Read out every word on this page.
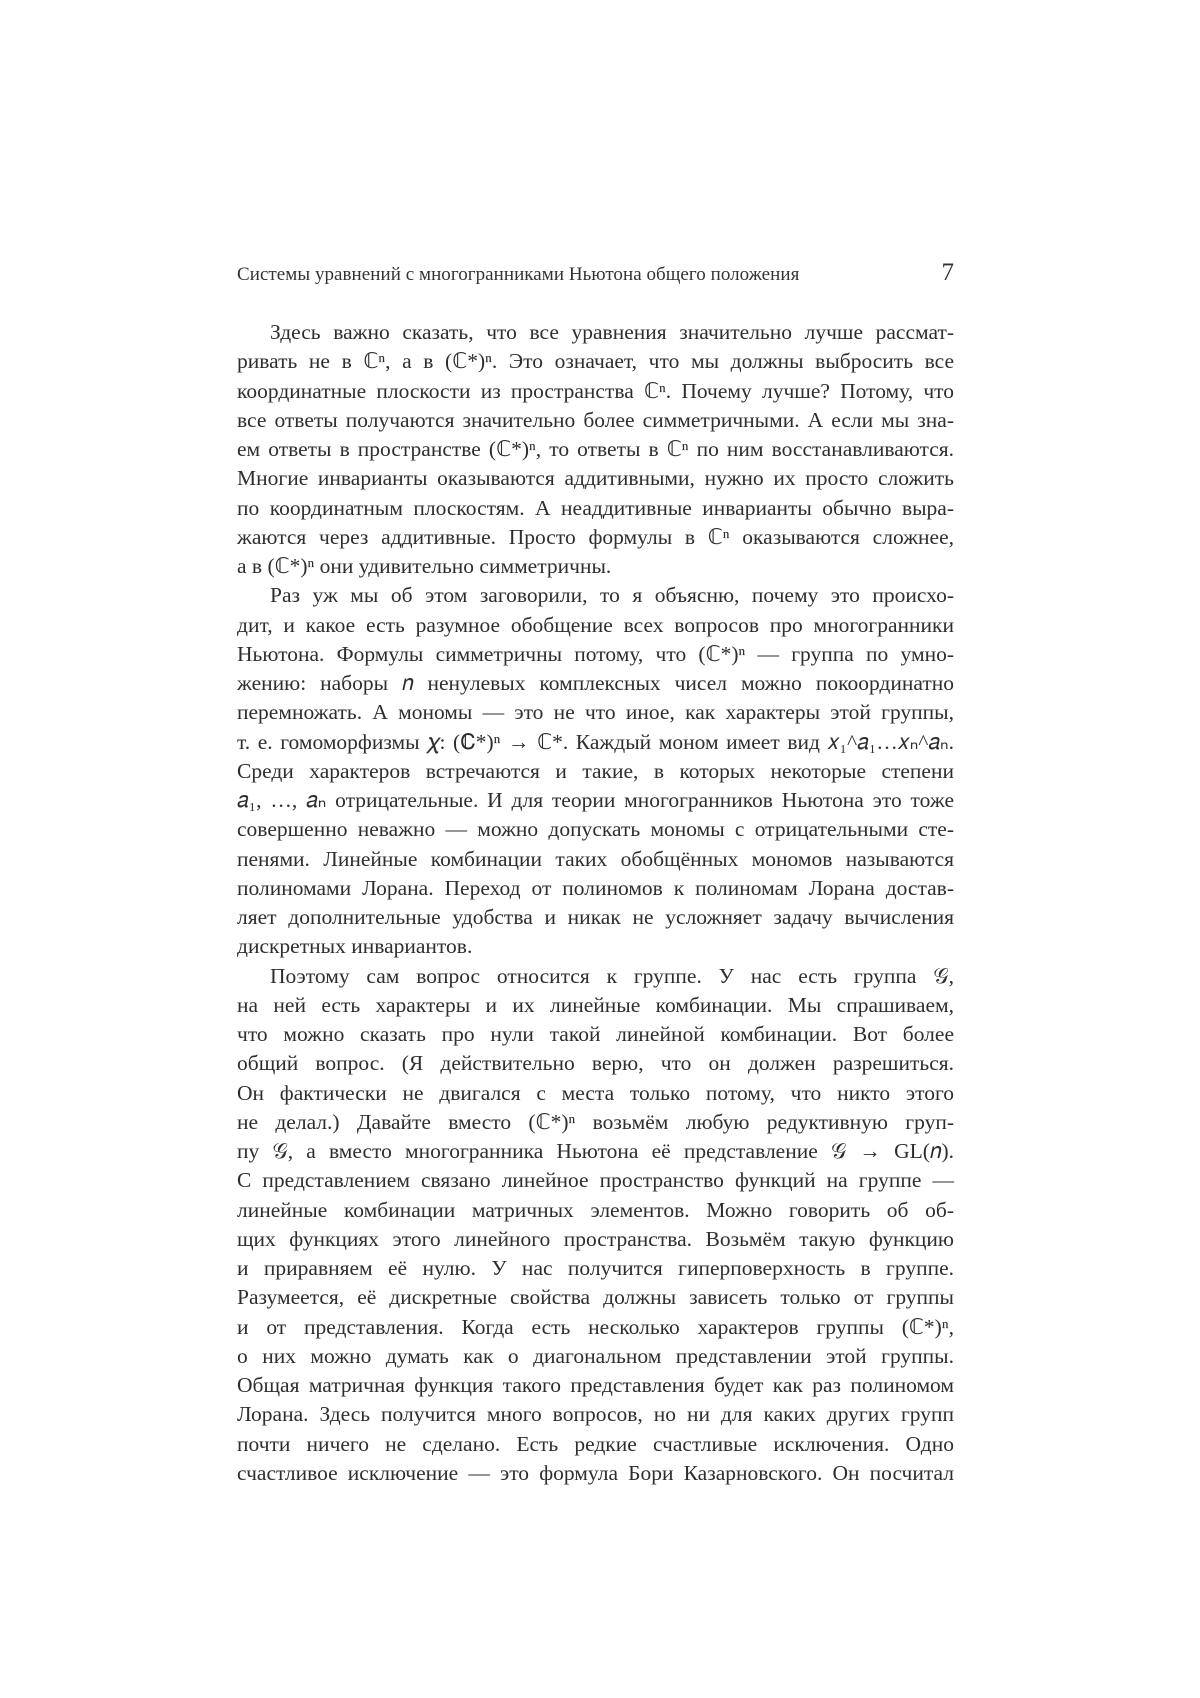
Системы уравнений с многогранниками Ньютона общего положения	7
Здесь важно сказать, что все уравнения значительно лучше рассмат-
ривать не в ℂⁿ, а в (ℂ*)ⁿ. Это означает, что мы должны выбросить все
координатные плоскости из пространства ℂⁿ. Почему лучше? Потому, что
все ответы получаются значительно более симметричными. А если мы зна-
ем ответы в пространстве (ℂ*)ⁿ, то ответы в ℂⁿ по ним восстанавливаются.
Многие инварианты оказываются аддитивными, нужно их просто сложить
по координатным плоскостям. А неаддитивные инварианты обычно выра-
жаются через аддитивные. Просто формулы в ℂⁿ оказываются сложнее,
а в (ℂ*)ⁿ они удивительно симметричны.
Раз уж мы об этом заговорили, то я объясню, почему это происхо-
дит, и какое есть разумное обобщение всех вопросов про многогранники
Ньютона. Формулы симметричны потому, что (ℂ*)ⁿ — группа по умно-
жению: наборы 𝑛 ненулевых комплексных чисел можно покоординатно
перемножать. А мономы — это не что иное, как характеры этой группы,
т. е. гомоморфизмы 𝜒: (ℂ*)ⁿ → ℂ*. Каждый моном имеет вид 𝑥₁^𝑎₁…𝑥ₙ^𝑎ₙ.
Среди характеров встречаются и такие, в которых некоторые степени
𝑎₁, …, 𝑎ₙ отрицательные. И для теории многогранников Ньютона это тоже
совершенно неважно — можно допускать мономы с отрицательными сте-
пенями. Линейные комбинации таких обобщённых мономов называются
полиномами Лорана. Переход от полиномов к полиномам Лорана достав-
ляет дополнительные удобства и никак не усложняет задачу вычисления
дискретных инвариантов.
Поэтому сам вопрос относится к группе. У нас есть группа 𝒢,
на ней есть характеры и их линейные комбинации. Мы спрашиваем,
что можно сказать про нули такой линейной комбинации. Вот более
общий вопрос. (Я действительно верю, что он должен разрешиться.
Он фактически не двигался с места только потому, что никто этого
не делал.) Давайте вместо (ℂ*)ⁿ возьмём любую редуктивную груп-
пу 𝒢, а вместо многогранника Ньютона её представление 𝒢 → GL(𝑛).
С представлением связано линейное пространство функций на группе —
линейные комбинации матричных элементов. Можно говорить об об-
щих функциях этого линейного пространства. Возьмём такую функцию
и приравняем её нулю. У нас получится гиперповерхность в группе.
Разумеется, её дискретные свойства должны зависеть только от группы
и от представления. Когда есть несколько характеров группы (ℂ*)ⁿ,
о них можно думать как о диагональном представлении этой группы.
Общая матричная функция такого представления будет как раз полиномом
Лорана. Здесь получится много вопросов, но ни для каких других групп
почти ничего не сделано. Есть редкие счастливые исключения. Одно
счастливое исключение — это формула Бори Казарновского. Он посчитал
